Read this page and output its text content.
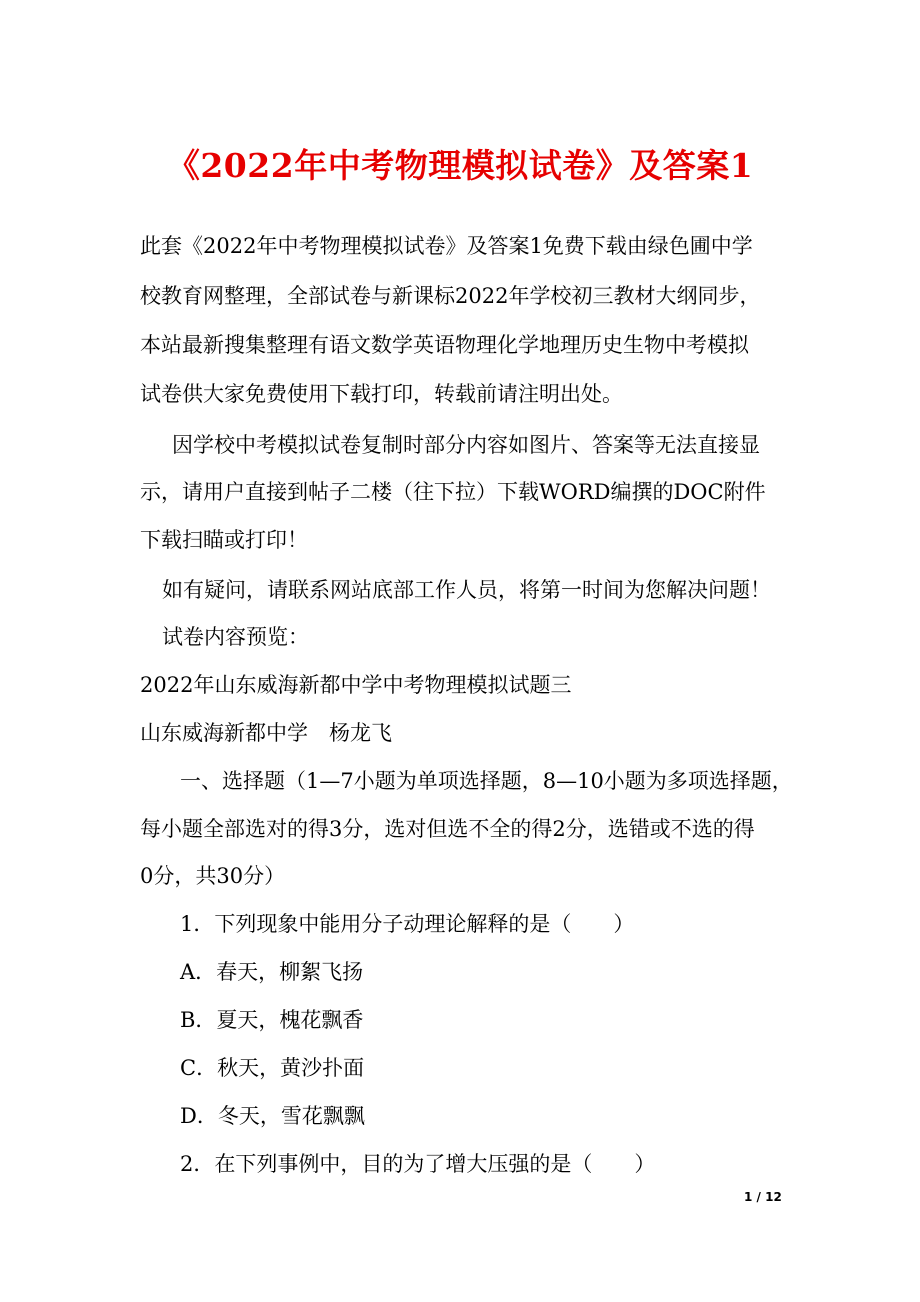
《2022年中考物理模拟试卷》及答案1
此套《2022年中考物理模拟试卷》及答案1免费下载由绿色圃中学
校教育网整理，全部试卷与新课标2022年学校初三教材大纲同步，
本站最新搜集整理有语文数学英语物理化学地理历史生物中考模拟
试卷供大家免费使用下载打印，转载前请注明出处。
因学校中考模拟试卷复制时部分内容如图片、答案等无法直接显
示，请用户直接到帖子二楼（往下拉）下载WORD编撰的DOC附件
下载扫瞄或打印！
如有疑问，请联系网站底部工作人员，将第一时间为您解决问题！
试卷内容预览：
2022年山东威海新都中学中考物理模拟试题三
山东威海新都中学　杨龙飞
一、选择题（1—7小题为单项选择题，8—10小题为多项选择题，
每小题全部选对的得3分，选对但选不全的得2分，选错或不选的得
0分，共30分）
1．下列现象中能用分子动理论解释的是（　　）
A．春天，柳絮飞扬
B．夏天，槐花飘香
C．秋天，黄沙扑面
D．冬天，雪花飘飘
2．在下列事例中，目的为了增大压强的是（　　）
1 / 12
